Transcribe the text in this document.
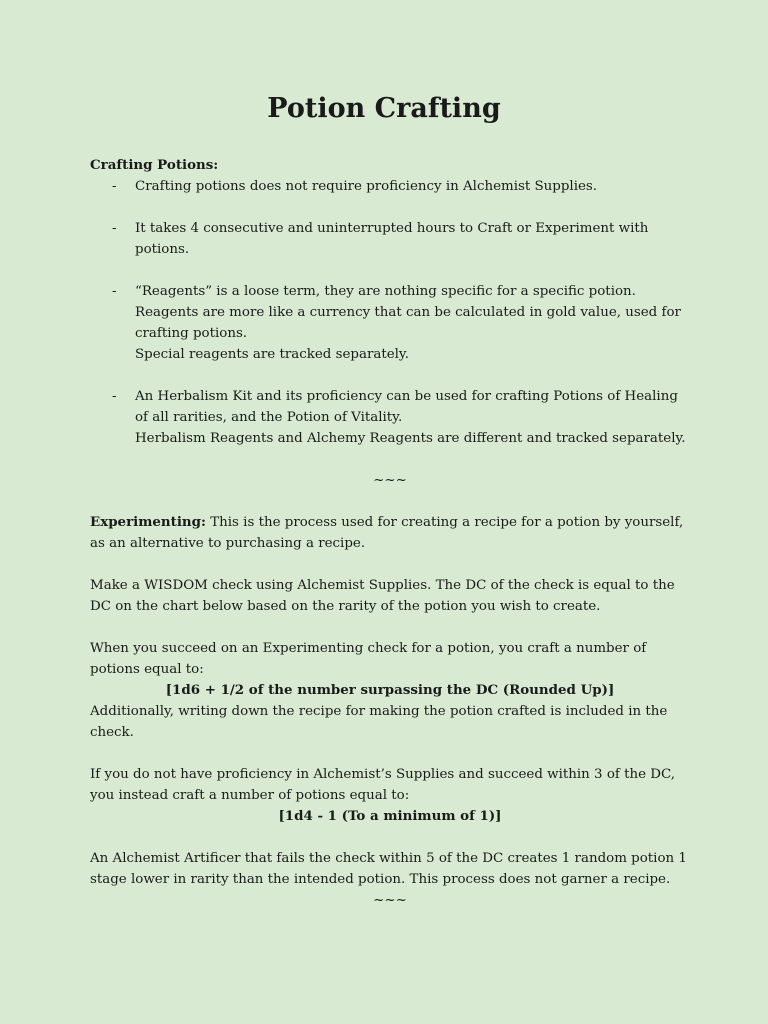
Potion Crafting

Crafting Potions:

- Crafting potions does not require proficiency in Alchemist Supplies.

- It takes 4 consecutive and uninterrupted hours to Craft or Experiment with potions.

- “Reagents” is a loose term, they are nothing specific for a specific potion. Reagents are more like a currency that can be calculated in gold value, used for crafting potions.

Special reagents are tracked separately.

- An Herbalism Kit and its proficiency can be used for crafting Potions of Healing of all rarities, and the Potion of Vitality.

Herbalism Reagents and Alchemy Reagents are different and tracked separately.

~~~

Experimenting: This is the process used for creating a recipe for a potion by yourself, as an alternative to purchasing a recipe.

Make a WISDOM check using Alchemist Supplies. The DC of the check is equal to the DC on the chart below based on the rarity of the potion you wish to create.

When you succeed on an Experimenting check for a potion, you craft a number of potions equal to:

[1d6 + 1/2 of the number surpassing the DC (Rounded Up)]

Additionally, writing down the recipe for making the potion crafted is included in the check.

If you do not have proficiency in Alchemist’s Supplies and succeed within 3 of the DC, you instead craft a number of potions equal to:

[1d4 - 1 (To a minimum of 1)]

An Alchemist Artificer that fails the check within 5 of the DC creates 1 random potion 1 stage lower in rarity than the intended potion. This process does not garner a recipe.

~~~
